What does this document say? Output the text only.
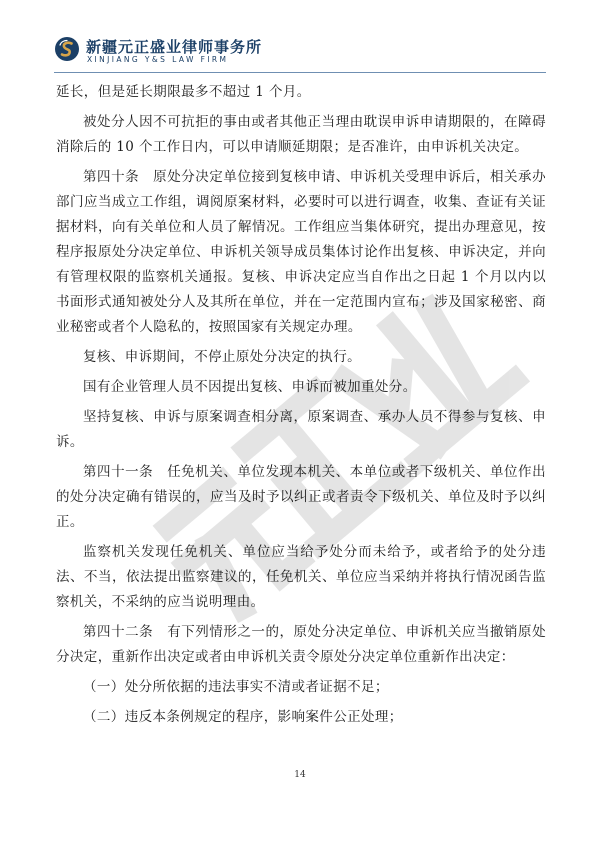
新疆元正盛业律师事务所
XINJIANG Y&S LAW FIRM

延长，但是延长期限最多不超过 1 个月。

被处分人因不可抗拒的事由或者其他正当理由耽误申诉申请期限的，在障碍消除后的 10 个工作日内，可以申请顺延期限；是否准许，由申诉机关决定。

第四十条　原处分决定单位接到复核申请、申诉机关受理申诉后，相关承办部门应当成立工作组，调阅原案材料，必要时可以进行调查，收集、查证有关证据材料，向有关单位和人员了解情况。工作组应当集体研究，提出办理意见，按程序报原处分决定单位、申诉机关领导成员集体讨论作出复核、申诉决定，并向有管理权限的监察机关通报。复核、申诉决定应当自作出之日起 1 个月以内以书面形式通知被处分人及其所在单位，并在一定范围内宣布；涉及国家秘密、商业秘密或者个人隐私的，按照国家有关规定办理。

复核、申诉期间，不停止原处分决定的执行。

国有企业管理人员不因提出复核、申诉而被加重处分。

坚持复核、申诉与原案调查相分离，原案调查、承办人员不得参与复核、申诉。

第四十一条　任免机关、单位发现本机关、本单位或者下级机关、单位作出的处分决定确有错误的，应当及时予以纠正或者责令下级机关、单位及时予以纠正。

监察机关发现任免机关、单位应当给予处分而未给予，或者给予的处分违法、不当，依法提出监察建议的，任免机关、单位应当采纳并将执行情况函告监察机关，不采纳的应当说明理由。

第四十二条　有下列情形之一的，原处分决定单位、申诉机关应当撤销原处分决定，重新作出决定或者由申诉机关责令原处分决定单位重新作出决定：

（一）处分所依据的违法事实不清或者证据不足；

（二）违反本条例规定的程序，影响案件公正处理；

14
